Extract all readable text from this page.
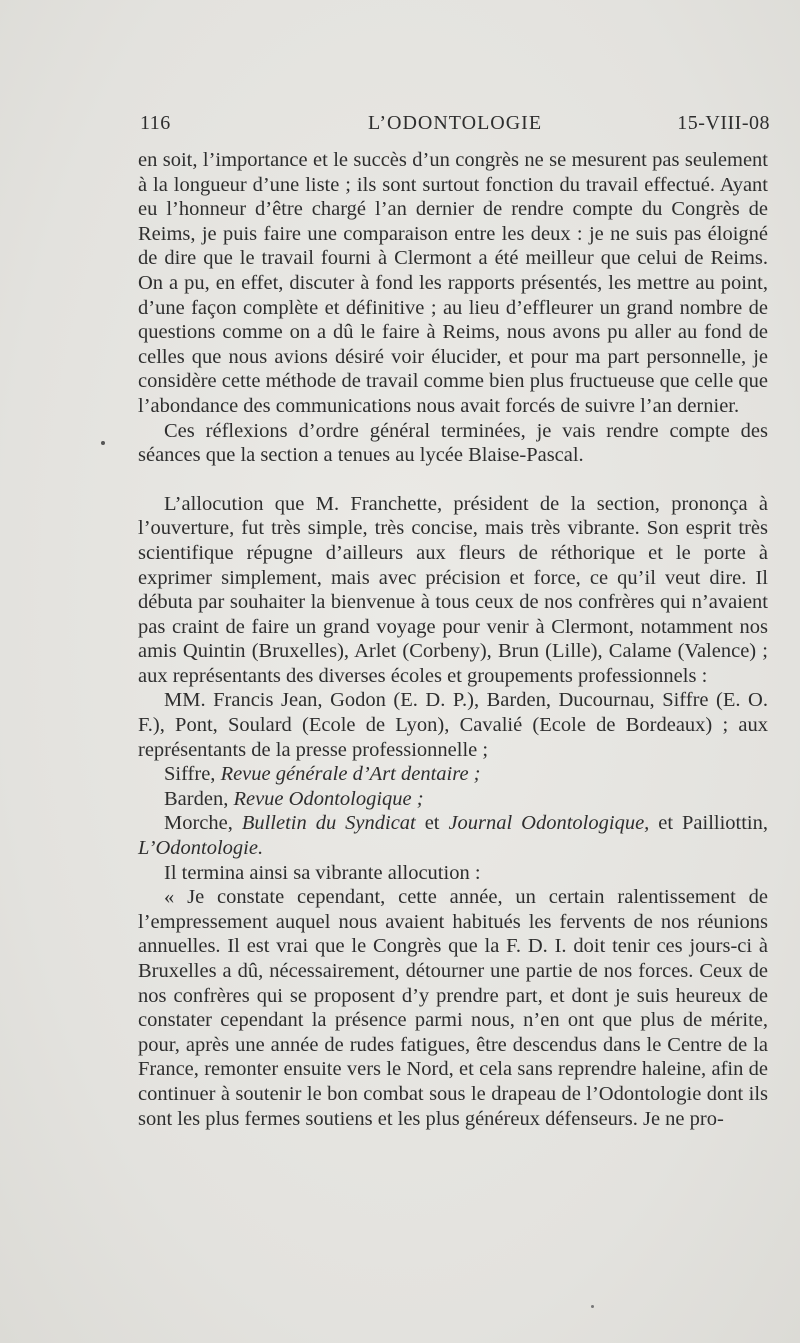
116	L’ODONTOLOGIE	15-VIII-08

en soit, l’importance et le succès d’un congrès ne se mesurent pas seulement à la longueur d’une liste ; ils sont surtout fonction du travail effectué. Ayant eu l’honneur d’être chargé l’an dernier de rendre compte du Congrès de Reims, je puis faire une comparaison entre les deux : je ne suis pas éloigné de dire que le travail fourni à Clermont a été meilleur que celui de Reims. On a pu, en effet, discuter à fond les rapports présentés, les mettre au point, d’une façon complète et définitive ; au lieu d’effleurer un grand nombre de questions comme on a dû le faire à Reims, nous avons pu aller au fond de celles que nous avions désiré voir élucider, et pour ma part personnelle, je considère cette méthode de travail comme bien plus fructueuse que celle que l’abondance des communications nous avait forcés de suivre l’an dernier.

Ces réflexions d’ordre général terminées, je vais rendre compte des séances que la section a tenues au lycée Blaise-Pascal.

L’allocution que M. Franchette, président de la section, prononça à l’ouverture, fut très simple, très concise, mais très vibrante. Son esprit très scientifique répugne d’ailleurs aux fleurs de réthorique et le porte à exprimer simplement, mais avec précision et force, ce qu’il veut dire. Il débuta par souhaiter la bienvenue à tous ceux de nos confrères qui n’avaient pas craint de faire un grand voyage pour venir à Clermont, notamment nos amis Quintin (Bruxelles), Arlet (Corbeny), Brun (Lille), Calame (Valence) ; aux représentants des diverses écoles et groupements professionnels :

MM. Francis Jean, Godon (E. D. P.), Barden, Ducournau, Siffre (E. O. F.), Pont, Soulard (Ecole de Lyon), Cavalié (Ecole de Bordeaux) ; aux représentants de la presse professionnelle ;

Siffre, Revue générale d’Art dentaire ;

Barden, Revue Odontologique ;

Morche, Bulletin du Syndicat et Journal Odontologique, et Pailliottin, L’Odontologie.

Il termina ainsi sa vibrante allocution :

« Je constate cependant, cette année, un certain ralentissement de l’empressement auquel nous avaient habitués les fervents de nos réunions annuelles. Il est vrai que le Congrès que la F. D. I. doit tenir ces jours-ci à Bruxelles a dû, nécessairement, détourner une partie de nos forces. Ceux de nos confrères qui se proposent d’y prendre part, et dont je suis heureux de constater cependant la présence parmi nous, n’en ont que plus de mérite, pour, après une année de rudes fatigues, être descendus dans le Centre de la France, remonter ensuite vers le Nord, et cela sans reprendre haleine, afin de continuer à soutenir le bon combat sous le drapeau de l’Odontologie dont ils sont les plus fermes soutiens et les plus généreux défenseurs. Je ne pro-
